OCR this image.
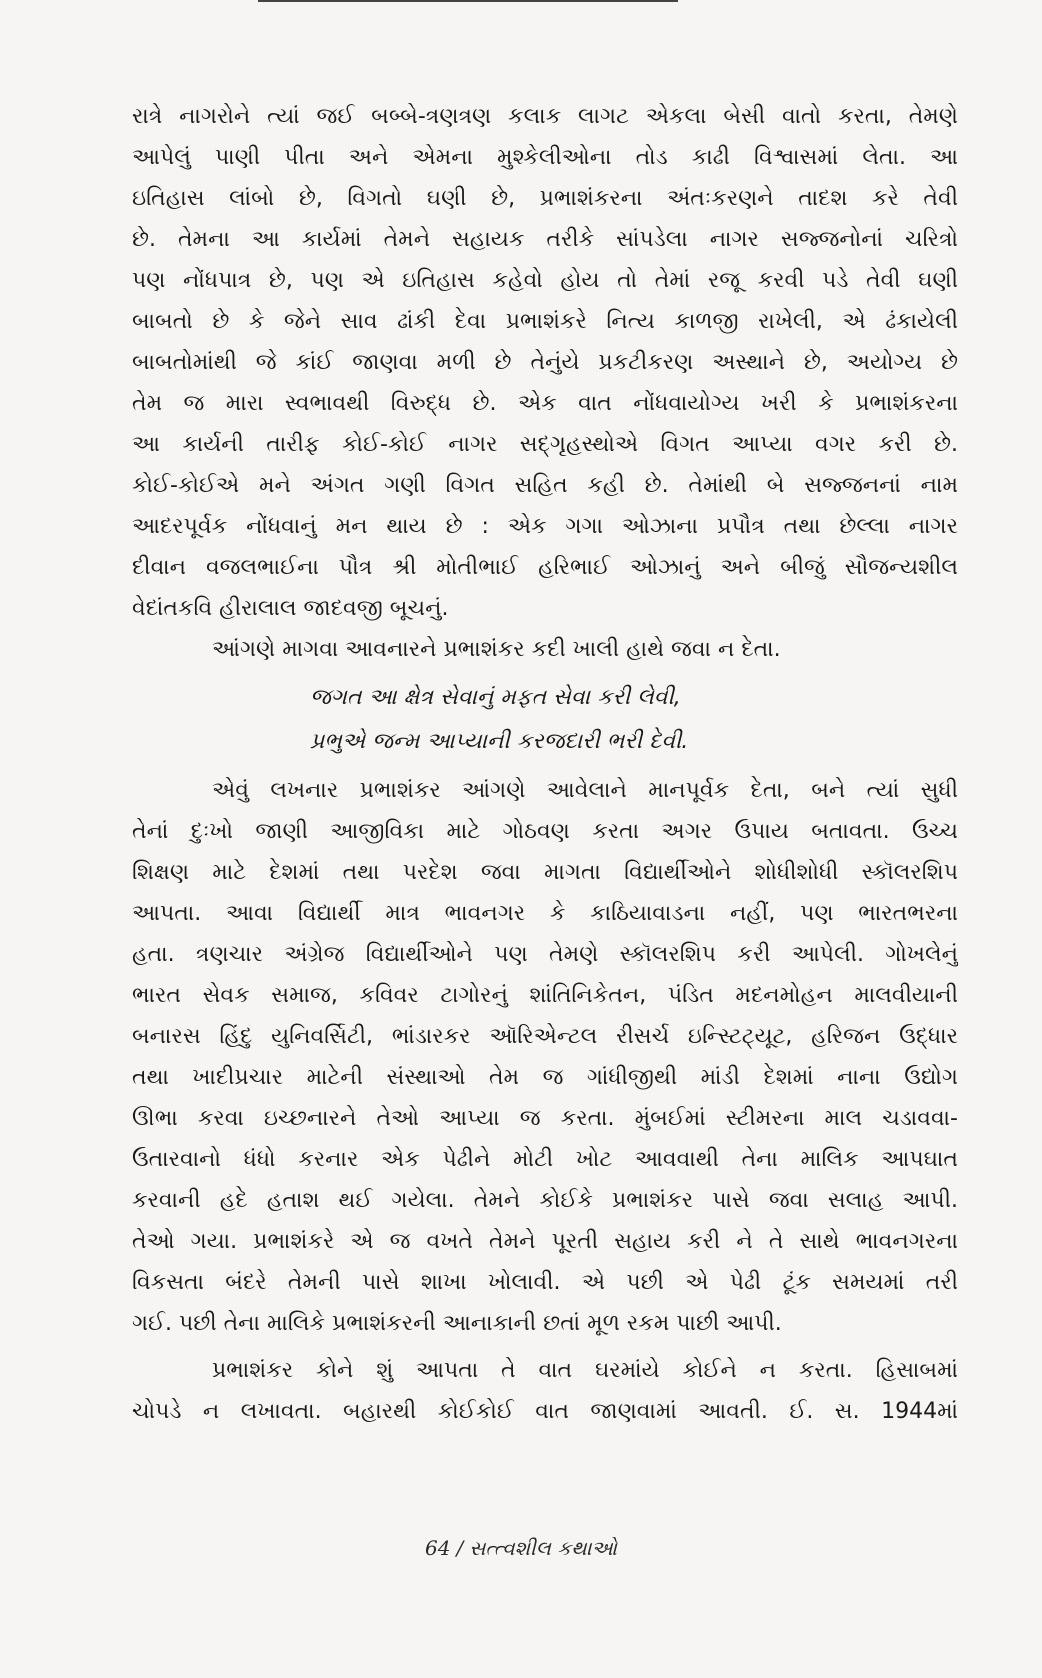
રાત્રે નાગરોને ત્યાં જઈ બબ્બે-ત્રણત્રણ કલાક લાગટ એકલા બેસી વાતો કરતા, તેમણે
આપેલું પાણી પીતા અને એમના મુશ્કેલીઓના તોડ કાઢી વિશ્વાસમાં લેતા. આ
ઇતિહાસ લાંબો છે, વિગતો ઘણી છે, પ્રભાશંકરના અંતઃકરણને તાદશ કરે તેવી
છે. તેમના આ કાર્યમાં તેમને સહાયક તરીકે સાંપડેલા નાગર સજ્જનોનાં ચરિત્રો
પણ નોંધપાત્ર છે, પણ એ ઇતિહાસ કહેવો હોય તો તેમાં રજૂ કરવી પડે તેવી ઘણી
બાબતો છે કે જેને સાવ ઢાંકી દેવા પ્રભાશંકરે નિત્ય કાળજી રાખેલી, એ ઢંકાયેલી
બાબતોમાંથી જે કાંઈ જાણવા મળી છે તેનુંયે પ્રકટીકરણ અસ્થાને છે, અયોગ્ય છે
તેમ જ મારા સ્વભાવથી વિરુદ્ધ છે. એક વાત નોંધવાયોગ્ય ખરી કે પ્રભાશંકરના
આ કાર્યની તારીફ કોઈ-કોઈ નાગર સદ્ગૃહસ્થોએ વિગત આપ્યા વગર કરી છે.
કોઈ-કોઈએ મને અંગત ગણી વિગત સહિત કહી છે. તેમાંથી બે સજ્જનનાં નામ
આદરપૂર્વક નોંધવાનું મન થાય છે : એક ગગા ઓઝાના પ્રપૌત્ર તથા છેલ્લા નાગર
દીવાન વજલભાઈના પૌત્ર શ્રી મોતીભાઈ હરિભાઈ ઓઝાનું અને બીજું સૌજન્યશીલ
વેદાંતકવિ હીરાલાલ જાદવજી બૂચનું.
આંગણે માગવા આવનારને પ્રભાશંકર કદી ખાલી હાથે જવા ન દેતા.
જગત આ ક્ષેત્ર સેવાનું મફત સેવા કરી લેવી,
પ્રભુએ જન્મ આપ્યાની કરજદારી ભરી દેવી.
એવું લખનાર પ્રભાશંકર આંગણે આવેલાને માનપૂર્વક દેતા, બને ત્યાં સુધી
તેનાં દુઃખો જાણી આજીવિકા માટે ગોઠવણ કરતા અગર ઉપાય બતાવતા. ઉચ્ચ
શિક્ષણ માટે દેશમાં તથા પરદેશ જવા માગતા વિદ્યાર્થીઓને શોધીશોધી સ્કૉલરશિપ
આપતા. આવા વિદ્યાર્થી માત્ર ભાવનગર કે કાઠિયાવાડના નહીં, પણ ભારતભરના
હતા. ત્રણચાર અંગ્રેજ વિદ્યાર્થીઓને પણ તેમણે સ્કૉલરશિપ કરી આપેલી. ગોખલેનું
ભારત સેવક સમાજ, કવિવર ટાગોરનું શાંતિનિકેતન, પંડિત મદનમોહન માલવીયાની
બનારસ હિંદુ યુનિવર્સિટી, ભાંડારકર ઑરિએન્ટલ રીસર્ચ ઇન્સ્ટિટ્યૂટ, હરિજન ઉદ્ધાર
તથા ખાદીપ્રચાર માટેની સંસ્થાઓ તેમ જ ગાંધીજીથી માંડી દેશમાં નાના ઉદ્યોગ
ઊભા કરવા ઇચ્છનારને તેઓ આપ્યા જ કરતા. મુંબઈમાં સ્ટીમરના માલ ચડાવવા-
ઉતારવાનો ધંધો કરનાર એક પેઢીને મોટી ખોટ આવવાથી તેના માલિક આપઘાત
કરવાની હદે હતાશ થઈ ગયેલા. તેમને કોઈકે પ્રભાશંકર પાસે જવા સલાહ આપી.
તેઓ ગયા. પ્રભાશંકરે એ જ વખતે તેમને પૂરતી સહાય કરી ને તે સાથે ભાવનગરના
વિકસતા બંદરે તેમની પાસે શાખા ખોલાવી. એ પછી એ પેઢી ટૂંક સમયમાં તરી
ગઈ. પછી તેના માલિકે પ્રભાશંકરની આનાકાની છતાં મૂળ રકમ પાછી આપી.
પ્રભાશંકર કોને શું આપતા તે વાત ઘરમાંયે કોઈને ન કરતા. હિસાબમાં
ચોપડે ન લખાવતા. બહારથી કોઈકોઈ વાત જાણવામાં આવતી. ઈ. સ. 1944માં
64 / સત્ત્વશીલ કથાઓ
